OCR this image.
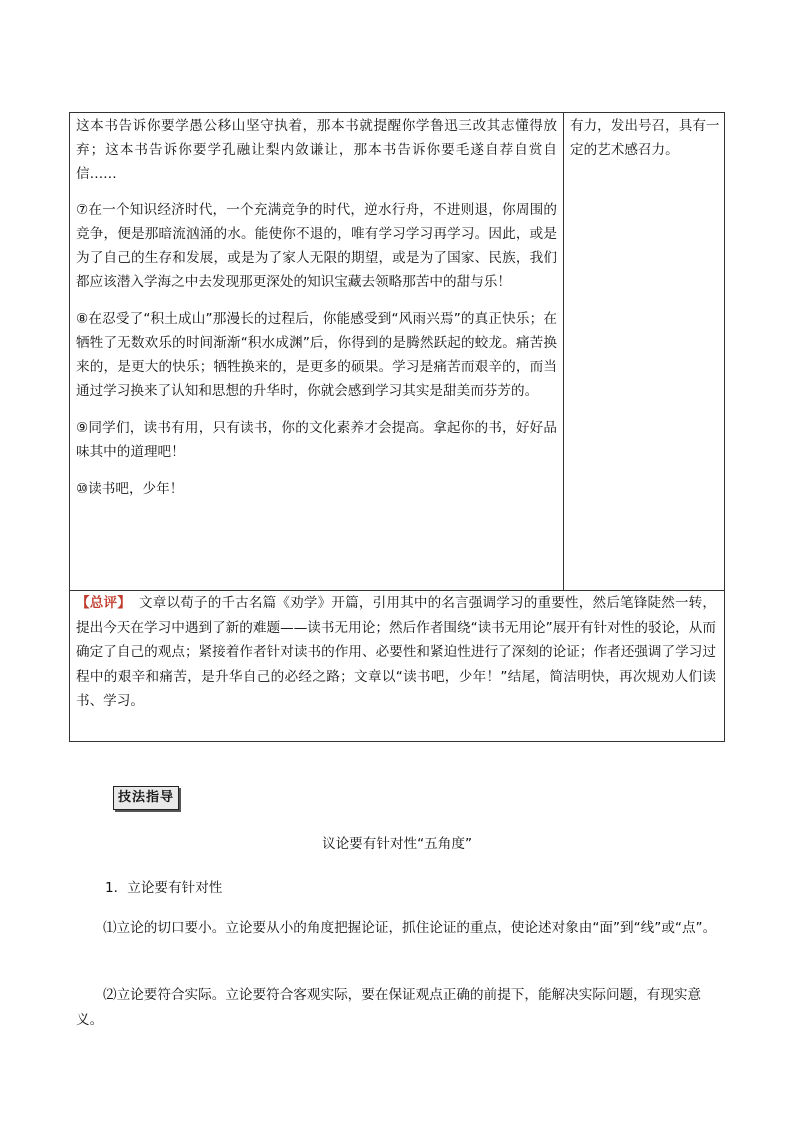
这本书告诉你要学愚公移山坚守执着，那本书就提醒你学鲁迅三改其志懂得放弃；这本书告诉你要学孔融让梨内敛谦让，那本书告诉你要毛遂自荐自赏自信……

⑦在一个知识经济时代，一个充满竞争的时代，逆水行舟，不进则退，你周围的竞争，便是那暗流汹涌的水。能使你不退的，唯有学习学习再学习。因此，或是为了自己的生存和发展，或是为了家人无限的期望，或是为了国家、民族，我们都应该潜入学海之中去发现那更深处的知识宝藏去领略那苦中的甜与乐！

⑧在忍受了“积土成山”那漫长的过程后，你能感受到“风雨兴焉”的真正快乐；在牺牲了无数欢乐的时间渐渐“积水成渊”后，你得到的是腾然跃起的蛟龙。痛苦换来的，是更大的快乐；牺牲换来的，是更多的硕果。学习是痛苦而艰辛的，而当通过学习换来了认知和思想的升华时，你就会感到学习其实是甜美而芬芳的。

⑨同学们，读书有用，只有读书，你的文化素养才会提高。拿起你的书，好好品味其中的道理吧！

⑩读书吧，少年！

有力，发出号召，具有一定的艺术感召力。
【总评】 文章以荀子的千古名篇《劝学》开篇，引用其中的名言强调学习的重要性，然后笔锋陡然一转，提出今天在学习中遇到了新的难题——读书无用论；然后作者围绕“读书无用论”展开有针对性的驳论，从而确定了自己的观点；紧接着作者针对读书的作用、必要性和紧迫性进行了深刻的论证；作者还强调了学习过程中的艰辛和痛苦，是升华自己的必经之路；文章以“读书吧，少年！”结尾，简洁明快，再次规劝人们读书、学习。
技法指导
议论要有针对性“五角度”
1．立论要有针对性
⑴立论的切口要小。立论要从小的角度把握论证，抓住论证的重点，使论述对象由“面”到“线”或“点”。
⑵立论要符合实际。立论要符合客观实际，要在保证观点正确的前提下，能解决实际问题，有现实意义。
